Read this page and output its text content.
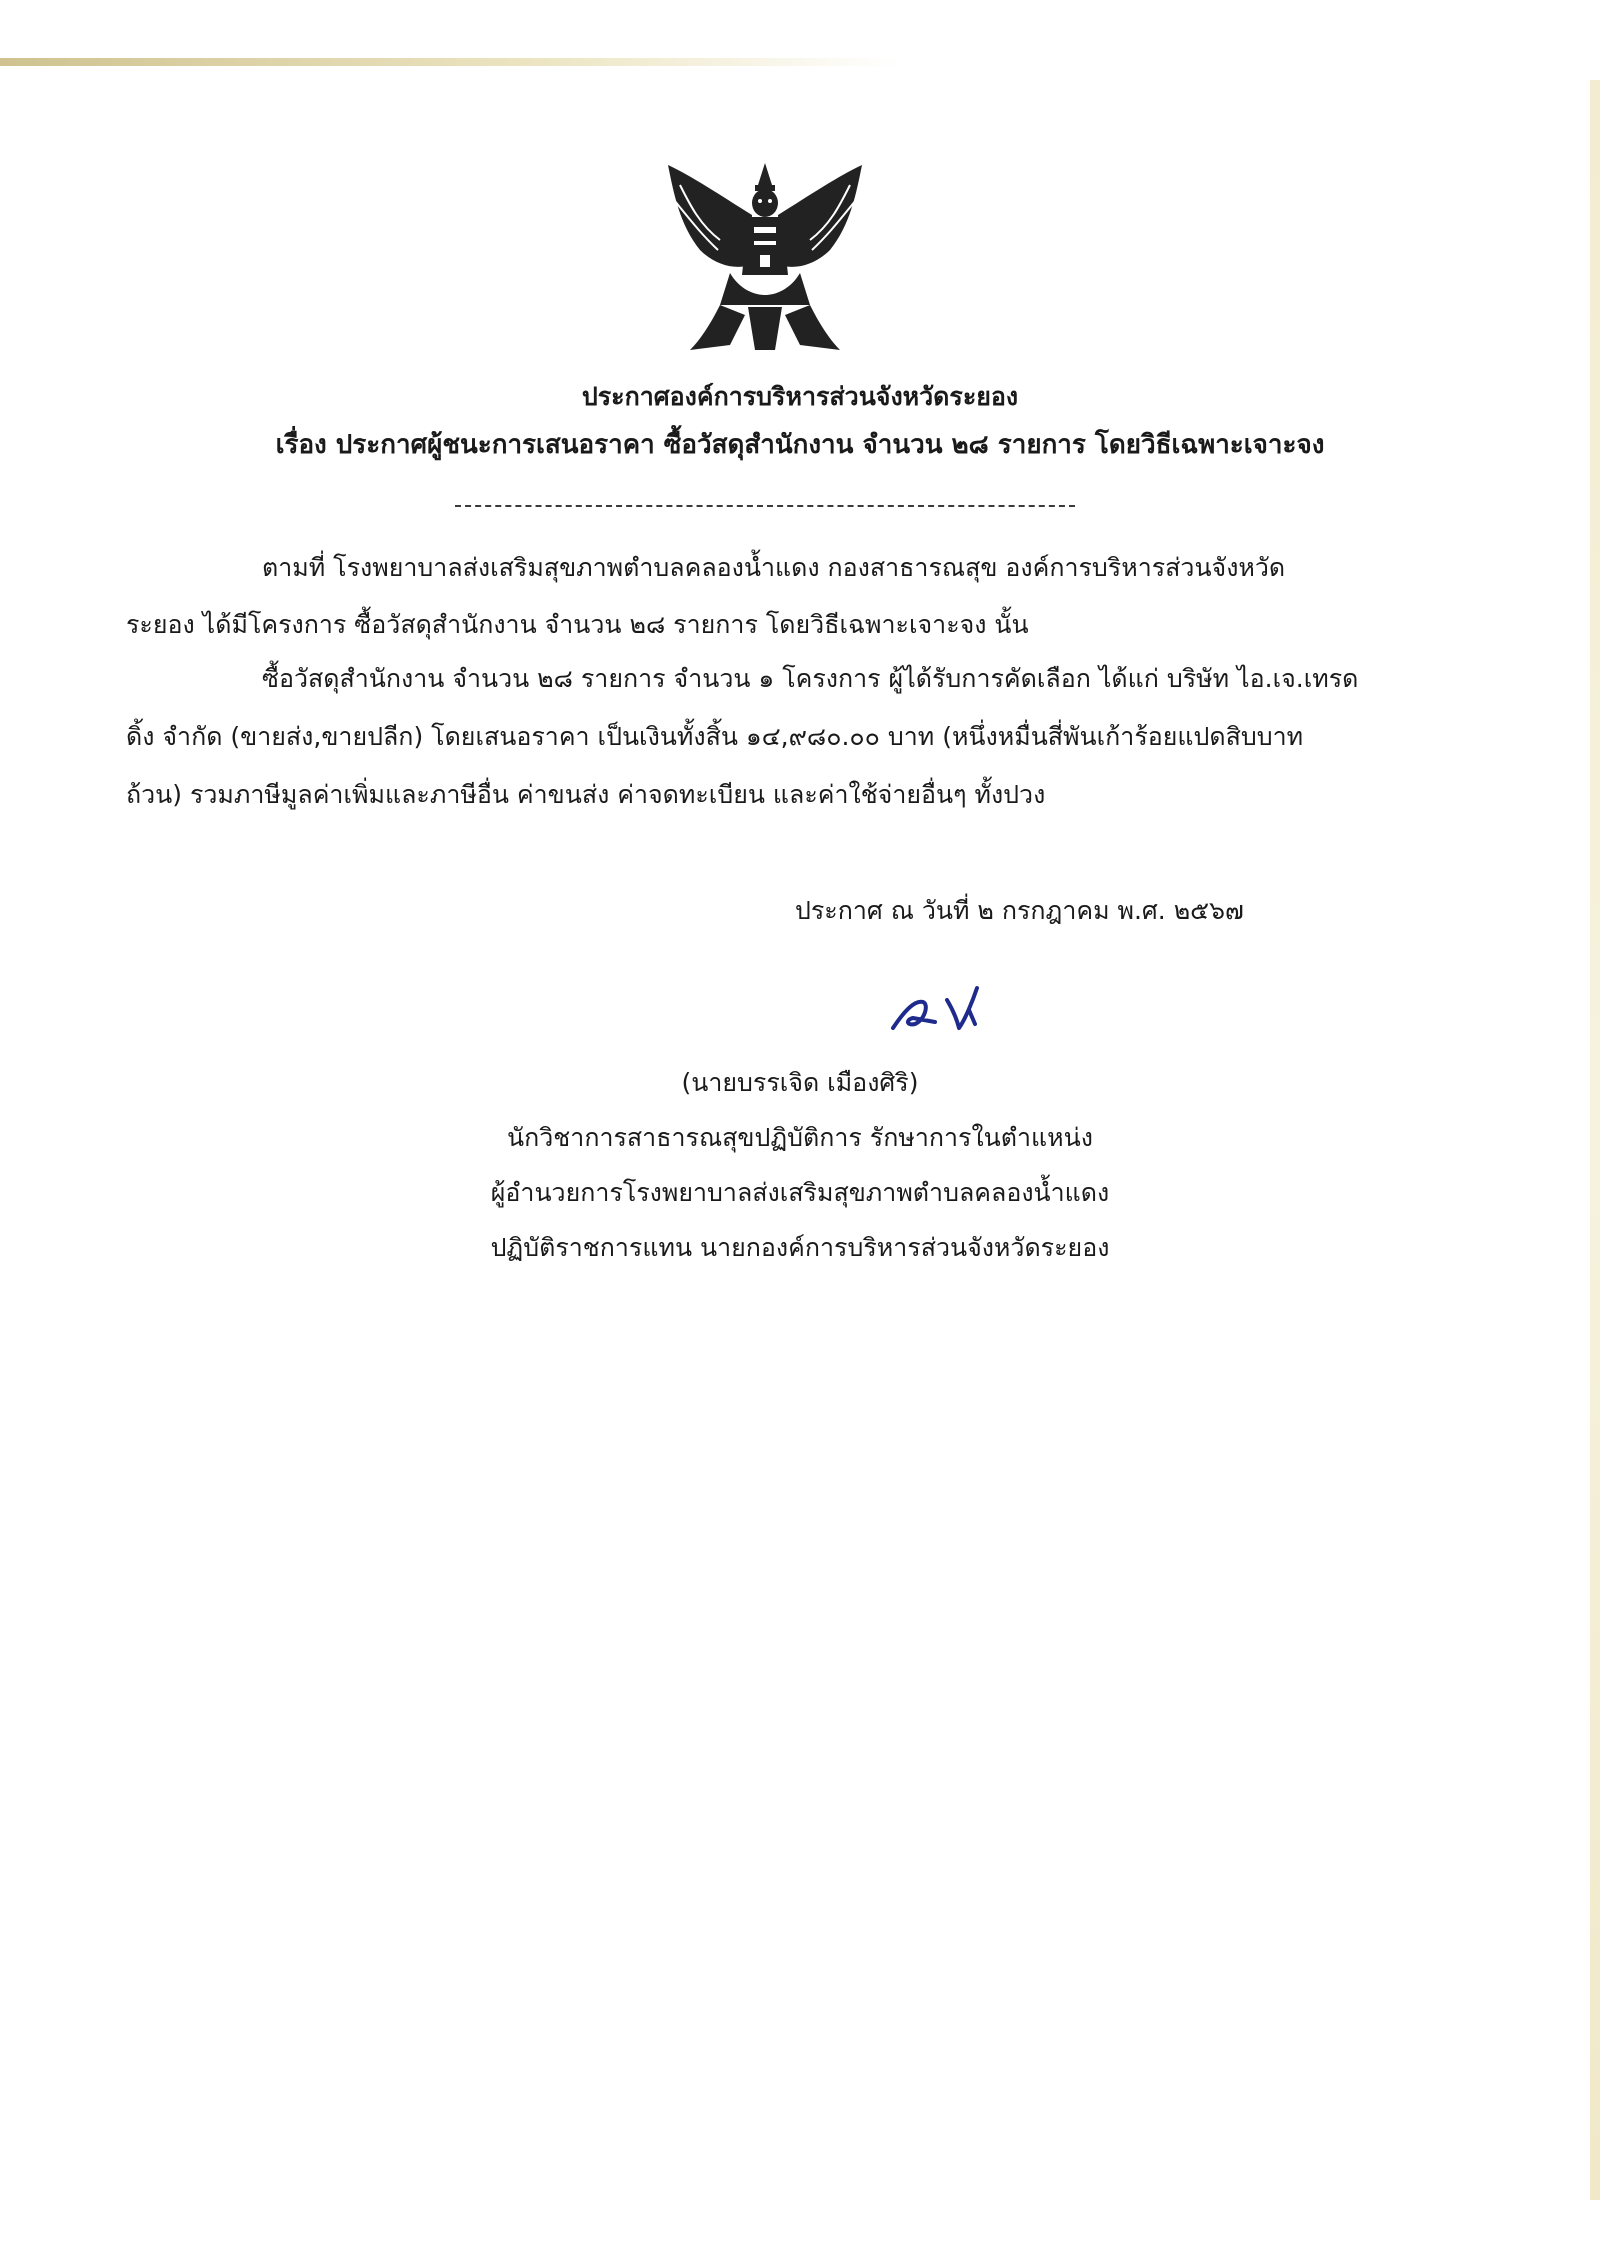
ประกาศองค์การบริหารส่วนจังหวัดระยอง
เรื่อง ประกาศผู้ชนะการเสนอราคา ซื้อวัสดุสำนักงาน จำนวน ๒๘ รายการ โดยวิธีเฉพาะเจาะจง
ตามที่ โรงพยาบาลส่งเสริมสุขภาพตำบลคลองน้ำแดง กองสาธารณสุข องค์การบริหารส่วนจังหวัด
ระยอง ได้มีโครงการ ซื้อวัสดุสำนักงาน จำนวน ๒๘ รายการ โดยวิธีเฉพาะเจาะจง นั้น
ซื้อวัสดุสำนักงาน จำนวน ๒๘ รายการ จำนวน ๑ โครงการ ผู้ได้รับการคัดเลือก ได้แก่ บริษัท ไอ.เจ.เทรด
ดิ้ง จำกัด (ขายส่ง,ขายปลีก) โดยเสนอราคา เป็นเงินทั้งสิ้น ๑๔,๙๘๐.๐๐ บาท (หนึ่งหมื่นสี่พันเก้าร้อยแปดสิบบาท
ถ้วน) รวมภาษีมูลค่าเพิ่มและภาษีอื่น ค่าขนส่ง ค่าจดทะเบียน และค่าใช้จ่ายอื่นๆ ทั้งปวง
ประกาศ ณ วันที่ ๒ กรกฎาคม พ.ศ. ๒๕๖๗
(นายบรรเจิด เมืองศิริ)
นักวิชาการสาธารณสุขปฏิบัติการ รักษาการในตำแหน่ง
ผู้อำนวยการโรงพยาบาลส่งเสริมสุขภาพตำบลคลองน้ำแดง
ปฏิบัติราชการแทน นายกองค์การบริหารส่วนจังหวัดระยอง
